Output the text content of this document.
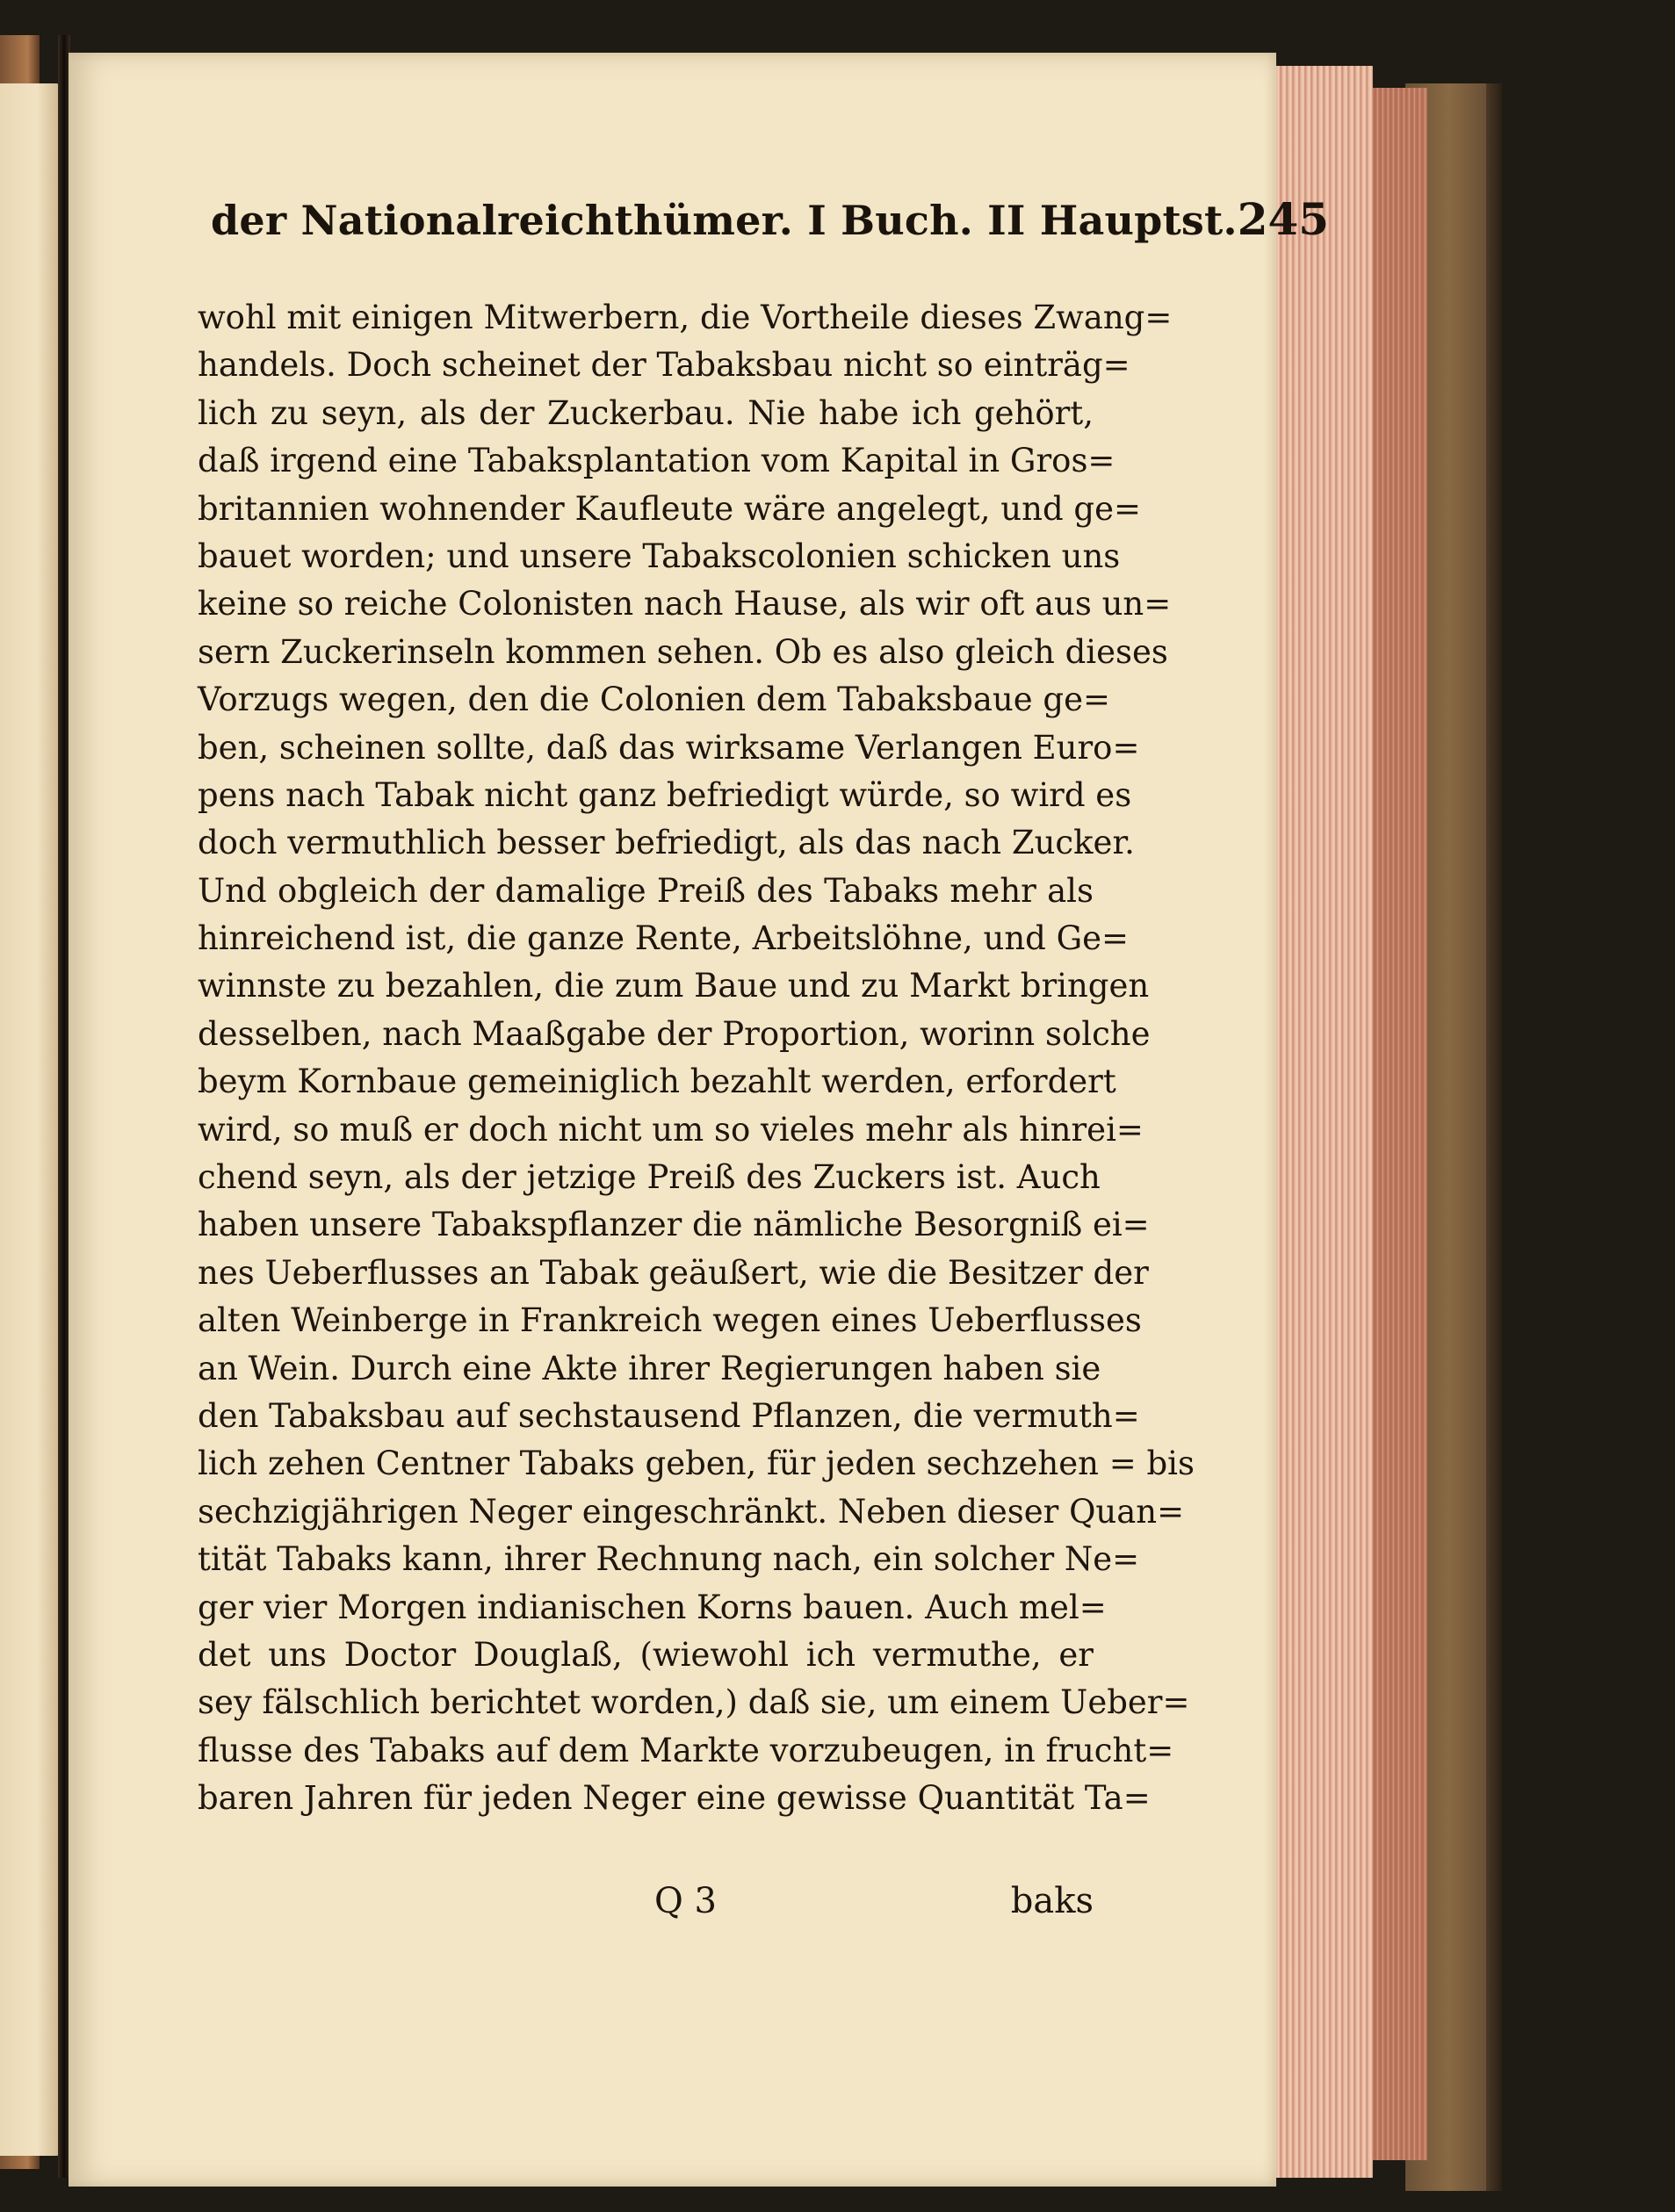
der Nationalreichthümer. I Buch. II Hauptst. 245
wohl mit einigen Mitwerbern, die Vortheile dieses Zwang=
handels. Doch scheinet der Tabaksbau nicht so einträg=
lich zu seyn, als der Zuckerbau. Nie habe ich gehört,
daß irgend eine Tabaksplantation vom Kapital in Gros=
britannien wohnender Kaufleute wäre angelegt, und ge=
bauet worden; und unsere Tabakscolonien schicken uns
keine so reiche Colonisten nach Hause, als wir oft aus un=
sern Zuckerinseln kommen sehen. Ob es also gleich dieses
Vorzugs wegen, den die Colonien dem Tabaksbaue ge=
ben, scheinen sollte, daß das wirksame Verlangen Euro=
pens nach Tabak nicht ganz befriedigt würde, so wird es
doch vermuthlich besser befriedigt, als das nach Zucker.
Und obgleich der damalige Preiß des Tabaks mehr als
hinreichend ist, die ganze Rente, Arbeitslöhne, und Ge=
winnste zu bezahlen, die zum Baue und zu Markt bringen
desselben, nach Maaßgabe der Proportion, worinn solche
beym Kornbaue gemeiniglich bezahlt werden, erfordert
wird, so muß er doch nicht um so vieles mehr als hinrei=
chend seyn, als der jetzige Preiß des Zuckers ist. Auch
haben unsere Tabakspflanzer die nämliche Besorgniß ei=
nes Ueberflusses an Tabak geäußert, wie die Besitzer der
alten Weinberge in Frankreich wegen eines Ueberflusses
an Wein. Durch eine Akte ihrer Regierungen haben sie
den Tabaksbau auf sechstausend Pflanzen, die vermuth=
lich zehen Centner Tabaks geben, für jeden sechzehen = bis
sechzigjährigen Neger eingeschränkt. Neben dieser Quan=
tität Tabaks kann, ihrer Rechnung nach, ein solcher Ne=
ger vier Morgen indianischen Korns bauen. Auch mel=
det uns Doctor Douglaß, (wiewohl ich vermuthe, er
sey fälschlich berichtet worden,) daß sie, um einem Ueber=
flusse des Tabaks auf dem Markte vorzubeugen, in frucht=
baren Jahren für jeden Neger eine gewisse Quantität Ta=
Q 3	baks
